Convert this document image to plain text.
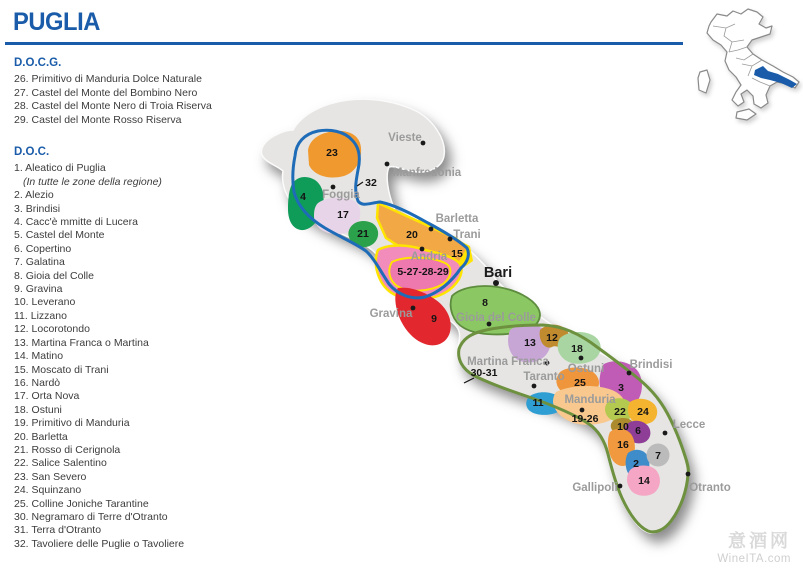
PUGLIA
D.O.C.G.
26. Primitivo di Manduria Dolce Naturale
27. Castel del Monte del Bombino Nero
28. Castel del Monte Nero di Troia Riserva
29. Castel del Monte Rosso Riserva
D.O.C.
1. Aleatico di Puglia
(In tutte le zone della regione)
2. Alezio
3. Brindisi
4. Cacc'è mmitte di Lucera
5. Castel del Monte
6. Copertino
7. Galatina
8. Gioia del Colle
9. Gravina
10. Leverano
11. Lizzano
12. Locorotondo
13. Martina Franca o Martina
14. Matino
15. Moscato di Trani
16. Nardò
17. Orta Nova
18. Ostuni
19. Primitivo di Manduria
20. Barletta
21. Rosso di Cerignola
22. Salice Salentino
23. San Severo
24. Squinzano
25. Colline Joniche Tarantine
30. Negramaro di Terre d'Otranto
31. Terra d'Otranto
32. Tavoliere delle Puglie o Tavoliere
23
4
32
17
21	20
15
5-27-28-29
9
8
13 12
18
30-31
25	3
11
19-26
22 24
10 6
16
7
2
14
Vieste
Manfredonia
Foggia
Barletta
Trani
Andria
Bari
Gravina	Gioia del Colle
Martina Franca
Taranto
Ostuni Brindisi
Manduria
Lecce
Gallipoli	Otranto
意酒网
WineITA.com
